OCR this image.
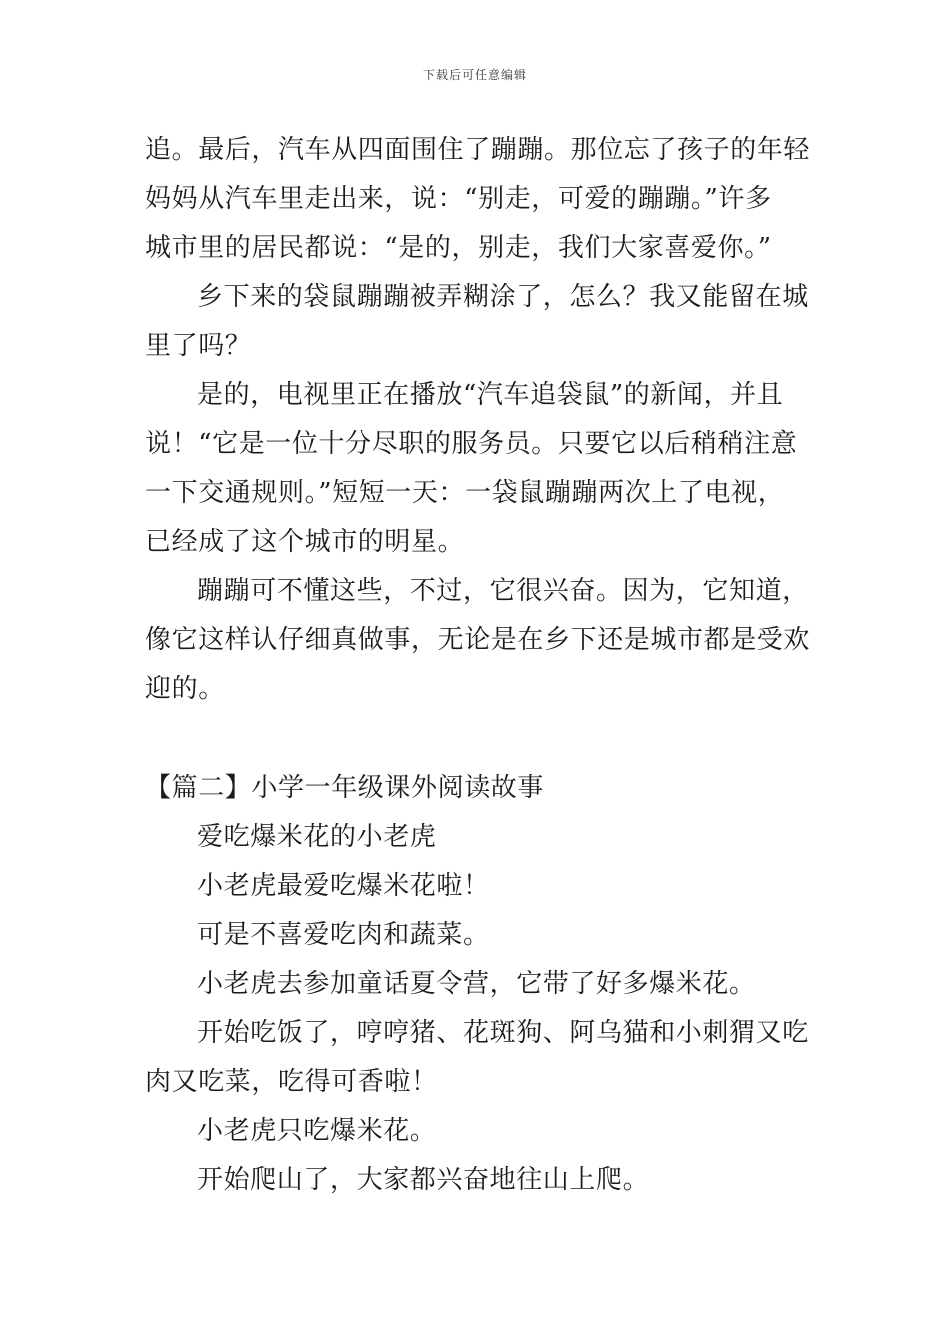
下载后可任意编辑
追。最后，汽车从四面围住了蹦蹦。那位忘了孩子的年轻
妈妈从汽车里走出来，说：“别走，可爱的蹦蹦。”许多
城市里的居民都说：“是的，别走，我们大家喜爱你。”
乡下来的袋鼠蹦蹦被弄糊涂了，怎么？我又能留在城
里了吗？
是的，电视里正在播放“汽车追袋鼠”的新闻，并且
说！“它是一位十分尽职的服务员。只要它以后稍稍注意
一下交通规则。”短短一天：一袋鼠蹦蹦两次上了电视，
已经成了这个城市的明星。
蹦蹦可不懂这些，不过，它很兴奋。因为，它知道，
像它这样认仔细真做事，无论是在乡下还是城市都是受欢
迎的。
【篇二】小学一年级课外阅读故事
爱吃爆米花的小老虎
小老虎最爱吃爆米花啦！
可是不喜爱吃肉和蔬菜。
小老虎去参加童话夏令营，它带了好多爆米花。
开始吃饭了，哼哼猪、花斑狗、阿乌猫和小刺猬又吃
肉又吃菜，吃得可香啦！
小老虎只吃爆米花。
开始爬山了，大家都兴奋地往山上爬。
